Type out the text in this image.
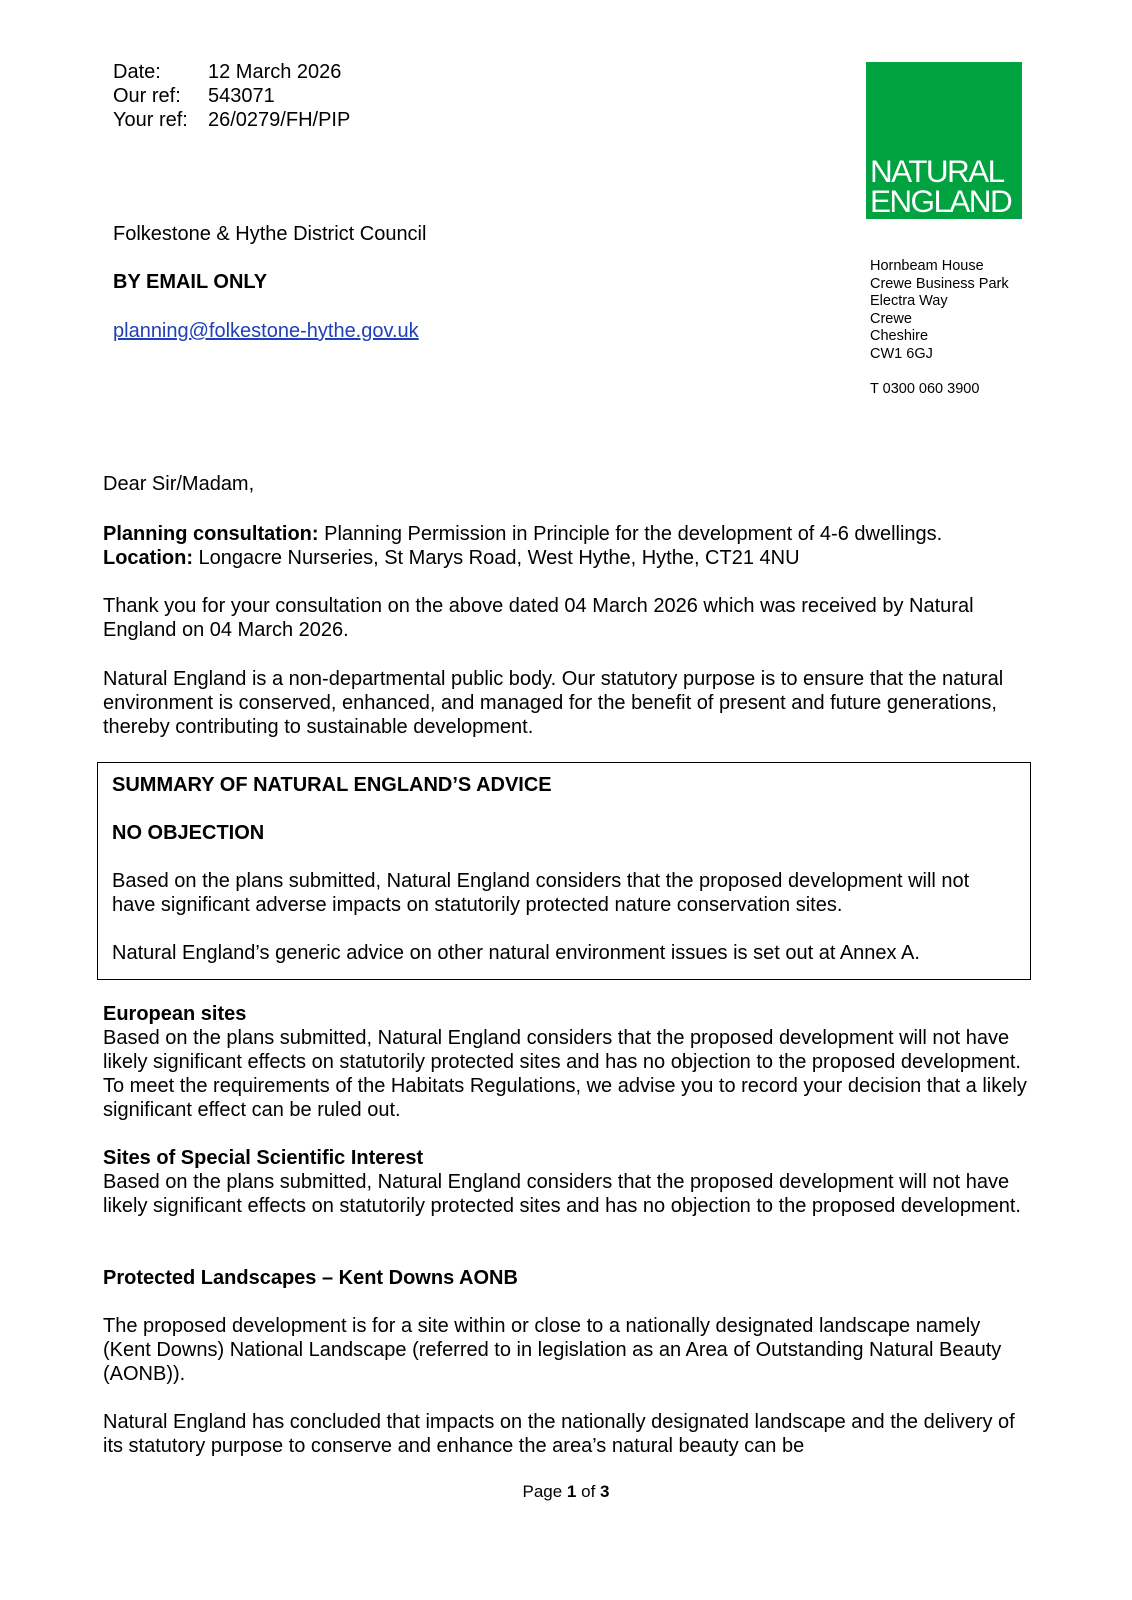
Date:	12 March 2026
Our ref:	543071
Your ref:	26/0279/FH/PIP
NATURAL
ENGLAND
Hornbeam House
Crewe Business Park
Electra Way
Crewe
Cheshire
CW1 6GJ
T 0300 060 3900
Folkestone & Hythe District Council
BY EMAIL ONLY
planning@folkestone-hythe.gov.uk
Dear Sir/Madam,

Planning consultation: Planning Permission in Principle for the development of 4-6 dwellings.

Location: Longacre Nurseries, St Marys Road, West Hythe, Hythe, CT21 4NU

Thank you for your consultation on the above dated 04 March 2026 which was received by Natural England on 04 March 2026.
Natural England is a non-departmental public body. Our statutory purpose is to ensure that the natural environment is conserved, enhanced, and managed for the benefit of present and future generations, thereby contributing to sustainable development.

SUMMARY OF NATURAL ENGLAND’S ADVICE

NO OBJECTION

Based on the plans submitted, Natural England considers that the proposed development will not have significant adverse impacts on statutorily protected nature conservation sites.

Natural England’s generic advice on other natural environment issues is set out at Annex A.

European sites

Based on the plans submitted, Natural England considers that the proposed development will not have likely significant effects on statutorily protected sites and has no objection to the proposed development. To meet the requirements of the Habitats Regulations, we advise you to record your decision that a likely significant effect can be ruled out.

Sites of Special Scientific Interest

Based on the plans submitted, Natural England considers that the proposed development will not have likely significant effects on statutorily protected sites and has no objection to the proposed development.

Protected Landscapes – Kent Downs AONB
The proposed development is for a site within or close to a nationally designated landscape namely (Kent Downs) National Landscape (referred to in legislation as an Area of Outstanding Natural Beauty (AONB)).
Natural England has concluded that impacts on the nationally designated landscape and the delivery of its statutory purpose to conserve and enhance the area’s natural beauty can be
Page 1 of 3
